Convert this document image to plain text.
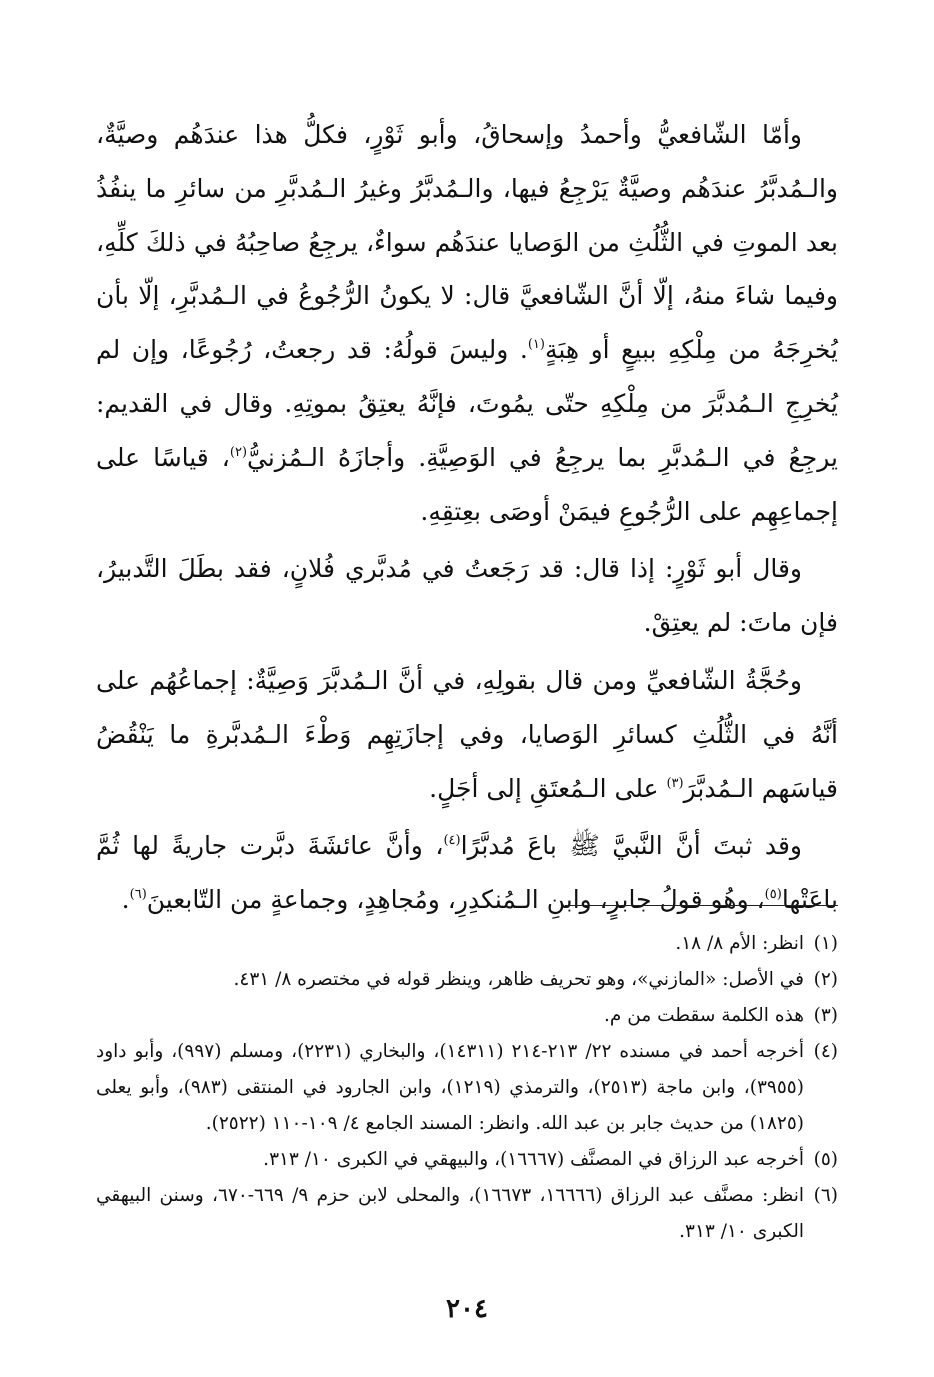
وأمّا الشّافعيُّ وأحمدُ وإسحاقُ، وأبو ثَوْرٍ، فكلُّ هذا عندَهُم وصيَّةٌ، والـمُدبَّرُ عندَهُم وصيَّةٌ يَرْجِعُ فيها، والـمُدبَّرُ وغيرُ الـمُدبَّرِ من سائرِ ما ينفُذُ بعد الموتِ في الثُّلُثِ من الوَصايا عندَهُم سواءٌ، يرجِعُ صاحِبُهُ في ذلكَ كلِّهِ، وفيما شاءَ منهُ، إلّا أنَّ الشّافعيَّ قال: لا يكونُ الرُّجُوعُ في الـمُدبَّرِ، إلّا بأن يُخرِجَهُ من مِلْكِهِ ببيعٍ أو هِبَةٍ$^{(١)}$. وليسَ قولُهُ: قد رجعتُ، رُجُوعًا، وإن لم يُخرِجِ الـمُدبَّرَ من مِلْكِهِ حتّى يمُوتَ، فإنَّهُ يعتِقُ بموتِهِ. وقال في القديم: يرجِعُ في الـمُدبَّرِ بما يرجِعُ في الوَصِيَّةِ. وأجازَهُ الـمُزنيُّ$^{(٢)}$، قياسًا على إجماعِهِم على الرُّجُوعِ فيمَنْ أوصَى بعِتقِهِ.

وقال أبو ثَوْرٍ: إذا قال: قد رَجَعتُ في مُدبَّري فُلانٍ، فقد بطَلَ التَّدبيرُ، فإن ماتَ: لم يعتِقْ.

وحُجَّةُ الشّافعيِّ ومن قال بقولِهِ، في أنَّ الـمُدبَّرَ وَصِيَّةٌ: إجماعُهُم على أنَّهُ في الثُّلُثِ كسائرِ الوَصايا، وفي إجازَتِهِم وَطْءَ الـمُدبَّرةِ ما يَنْقُضُ قياسَهم الـمُدبَّرَ$^{(٣)}$ على الـمُعتَقِ إلى أجَلٍ.

وقد ثبتَ أنَّ النَّبيَّ ﷺ باعَ مُدبَّرًا$^{(٤)}$، وأنَّ عائشَةَ دبَّرت جاريةً لها ثُمَّ باعَتْها$^{(٥)}$، وهُو قولُ جابرٍ، وابنِ الـمُنكدِرِ، ومُجاهِدٍ، وجماعةٍ من التّابعينَ$^{(٦)}$.

(١)
انظر: الأم ٨/ ١٨.
(٢)
في الأصل: «المازني»، وهو تحريف ظاهر، وينظر قوله في مختصره ٨/ ٤٣١.
(٣)
هذه الكلمة سقطت من م.
(٤)
أخرجه أحمد في مسنده ٢٢/ ٢١٣-٢١٤ (١٤٣١١)، والبخاري (٢٢٣١)، ومسلم (٩٩٧)، وأبو داود (٣٩٥٥)، وابن ماجة (٢٥١٣)، والترمذي (١٢١٩)، وابن الجارود في المنتقى (٩٨٣)، وأبو يعلى (١٨٢٥) من حديث جابر بن عبد الله. وانظر: المسند الجامع ٤/ ١٠٩-١١٠ (٢٥٢٢).
(٥)
أخرجه عبد الرزاق في المصنَّف (١٦٦٦٧)، والبيهقي في الكبرى ١٠/ ٣١٣.
(٦)
انظر: مصنَّف عبد الرزاق (١٦٦٦٦، ١٦٦٧٣)، والمحلى لابن حزم ٩/ ٦٦٩-٦٧٠، وسنن البيهقي الكبرى ١٠/ ٣١٣.
٢٠٤
